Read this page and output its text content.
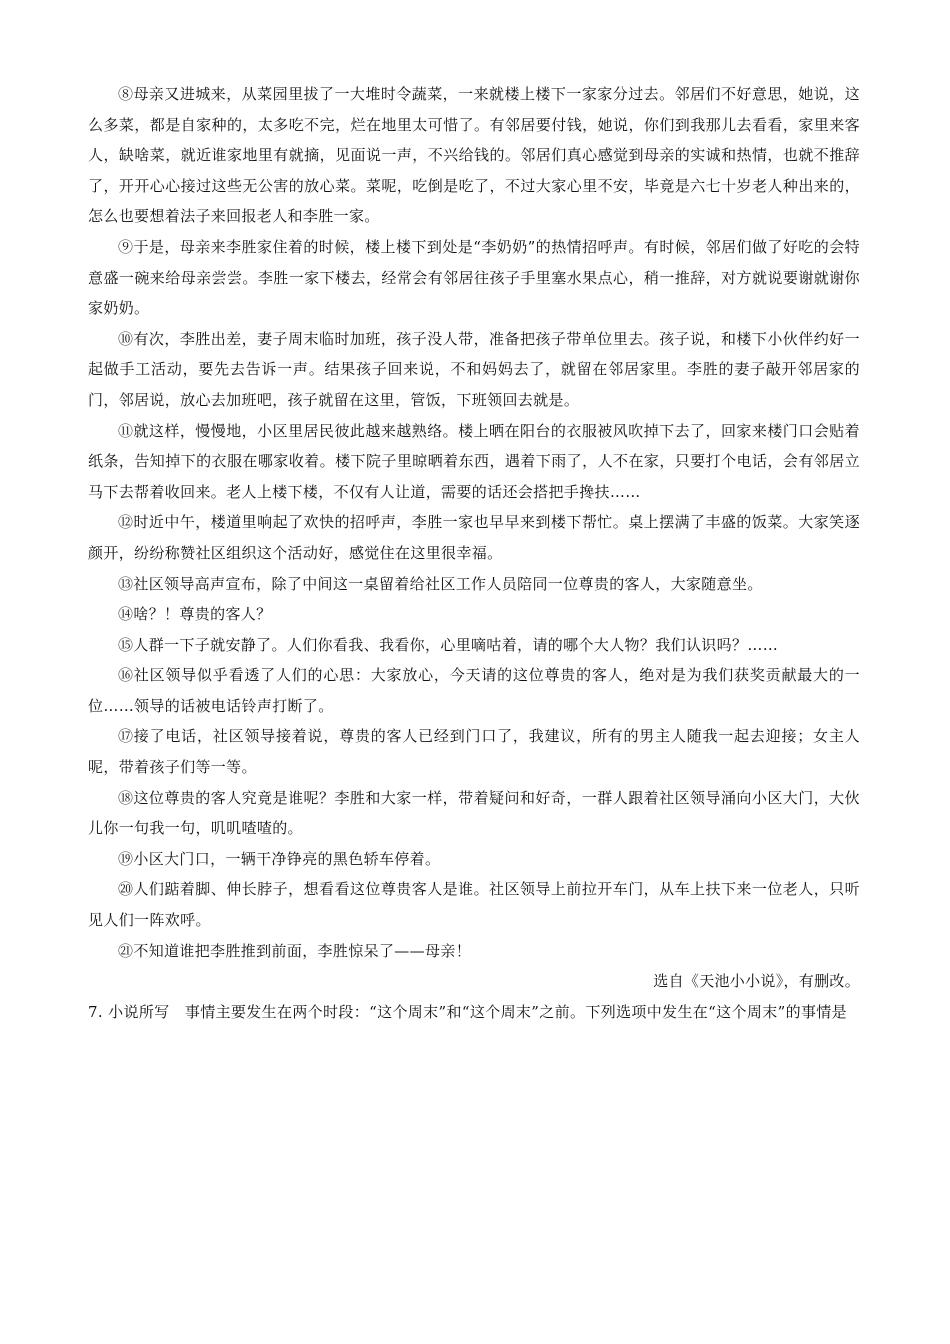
⑧母亲又进城来，从菜园里拔了一大堆时令蔬菜，一来就楼上楼下一家家分过去。邻居们不好意思，她说，这么多菜，都是自家种的，太多吃不完，烂在地里太可惜了。有邻居要付钱，她说，你们到我那儿去看看，家里来客人，缺啥菜，就近谁家地里有就摘，见面说一声，不兴给钱的。邻居们真心感觉到母亲的实诚和热情，也就不推辞了，开开心心接过这些无公害的放心菜。菜呢，吃倒是吃了，不过大家心里不安，毕竟是六七十岁老人种出来的，怎么也要想着法子来回报老人和李胜一家。

⑨于是，母亲来李胜家住着的时候，楼上楼下到处是“李奶奶”的热情招呼声。有时候，邻居们做了好吃的会特意盛一碗来给母亲尝尝。李胜一家下楼去，经常会有邻居往孩子手里塞水果点心，稍一推辞，对方就说要谢就谢你家奶奶。

⑩有次，李胜出差，妻子周末临时加班，孩子没人带，准备把孩子带单位里去。孩子说，和楼下小伙伴约好一起做手工活动，要先去告诉一声。结果孩子回来说，不和妈妈去了，就留在邻居家里。李胜的妻子敲开邻居家的门，邻居说，放心去加班吧，孩子就留在这里，管饭，下班领回去就是。

⑪就这样，慢慢地，小区里居民彼此越来越熟络。楼上晒在阳台的衣服被风吹掉下去了，回家来楼门口会贴着纸条，告知掉下的衣服在哪家收着。楼下院子里晾晒着东西，遇着下雨了，人不在家，只要打个电话，会有邻居立马下去帮着收回来。老人上楼下楼，不仅有人让道，需要的话还会搭把手搀扶……

⑫时近中午，楼道里响起了欢快的招呼声，李胜一家也早早来到楼下帮忙。桌上摆满了丰盛的饭菜。大家笑逐颜开，纷纷称赞社区组织这个活动好，感觉住在这里很幸福。

⑬社区领导高声宣布，除了中间这一桌留着给社区工作人员陪同一位尊贵的客人，大家随意坐。

⑭啥？！尊贵的客人？

⑮人群一下子就安静了。人们你看我、我看你，心里嘀咕着，请的哪个大人物？我们认识吗？……

⑯社区领导似乎看透了人们的心思：大家放心，今天请的这位尊贵的客人，绝对是为我们获奖贡献最大的一位……领导的话被电话铃声打断了。

⑰接了电话，社区领导接着说，尊贵的客人已经到门口了，我建议，所有的男主人随我一起去迎接；女主人呢，带着孩子们等一等。

⑱这位尊贵的客人究竟是谁呢？李胜和大家一样，带着疑问和好奇，一群人跟着社区领导涌向小区大门，大伙儿你一句我一句，叽叽喳喳的。

⑲小区大门口，一辆干净铮亮的黑色轿车停着。

⑳人们踮着脚、伸长脖子，想看看这位尊贵客人是谁。社区领导上前拉开车门，从车上扶下来一位老人，只听见人们一阵欢呼。

㉑不知道谁把李胜推到前面，李胜惊呆了——母亲！

选自《天池小小说》，有删改。

7. 小说所写　事情主要发生在两个时段：“这个周末”和“这个周末”之前。下列选项中发生在“这个周末”的事情是
